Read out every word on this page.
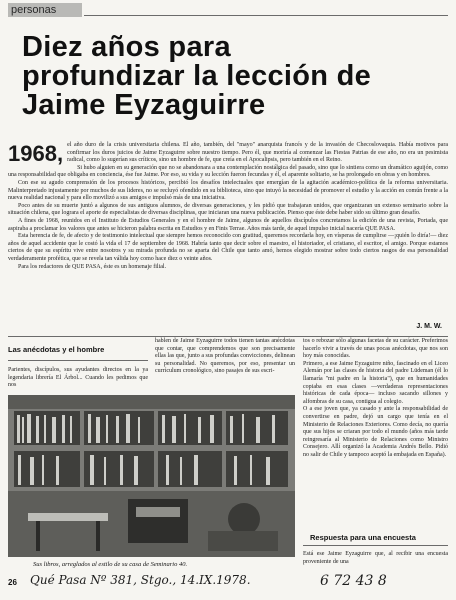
personas
Diez años para
profundizar la lección de
Jaime Eyzaguirre
1968, el año duro de la crisis universitaria chilena. El año, también, del "mayo" anarquista francés y de la invasión de Checoslovaquia. Había motivos para confirmar los duros juicios de Jaime Eyzaguirre sobre nuestro tiempo. Pero él, que moriría al comenzar las Fiestas Patrias de ese año, no era un pesimista radical, como lo sugerían sus críticos, sino un hombre de fe, que creía en el Apocalipsis, pero también en el Reino.

Si hubo alguien en su generación que no se abandonara a una contemplación nostálgica del pasado, sino que lo sintiera como un dramático aguijón, como una responsabilidad que obligaba en conciencia, ése fue Jaime. Por eso, su vida y su lección fueron fecundas y él, el aparente solitario, se ha prolongado en obras y en hombres.

Con ese su agudo comprensión de los procesos históricos, percibió los desafíos intelectuales que emergían de la agitación académico-política de la reforma universitaria. Malinterpretado injustamente por muchos de sus lideres, no se recluyó ofendido en su biblioteca, sino que intuyó la necesidad de promover el estudio y la acción en común frente a la nueva realidad nacional y para ello movilizó a sus amigos e impulsó más de una iniciativa.

Poco antes de su muerte juntó a algunos de sus antiguos alumnos, de diversas generaciones, y les pidió que trabajaran unidos, que organizaran un extenso seminario sobre la situación chilena, que lograra el aporte de especialistas de diversas disciplinas, que iniciaran una nueva publicación. Pienso que éste debe haber sido su último gran desafío.

A fines de 1968, reunidos en el Instituto de Estudios Generales y en el hombre de Jaime, algunos de aquellos discípulos concretamos la edición de una revista, Portada, que aspiraba a proclamar los valores que antes se hicieron palabra escrita en Estudios y en Finis Terrae. Años más tarde, de aquel impulso inicial nacería QUE PASA.

Esta herencia de fe, de afecto y de testimonio intelectual que siempre hemos reconocido con gratitud, queremos recordarla hoy, en vísperas de cumplirse —¡quién lo diría!— diez años de aquel accidente que le costó la vida el 17 de septiembre de 1968. Habría tanto que decir sobre el maestro, el historiador, el cristiano, el escritor, el amigo. Porque estamos ciertos de que su espíritu vive entre nosotros y su mirada profunda no se aparta del Chile que tanto amó, hemos elegido mostrar sobre todo ciertos rasgos de esa personalidad verdaderamente profética, que se revela tan válida hoy como hace diez o veinte años.

Para los redactores de QUE PASA, éste es un homenaje filial.

J. M. W.
Las anécdotas y el hombre
Parientes, discípulos, sus ayudantes directos en la ya legendaria librería El Árbol... Cuando les pedimos que nos
hablen de Jaime Eyzaguirre todos tienen tantas anécdotas que contar, que comprendemos que son precisamente ellas las que, junto a sus profundas convicciones, delinean su personalidad. No queremos, por eso, presentar un currículum cronológico, sino pasajes de sus escri-
tos o rebozar sólo algunas facetas de su carácter. Preferimos hacerlo vivir a través de unas pocas anécdotas, que nos son hoy más conocidas.
Primero, a ese Jaime Eyzaguirre niño, fascinado en el Liceo Alemán por las clases de historia del padre Lüdeman (él lo llamaría "mi padre en la historia"), que en humanidades copiaba en esas clases —verdaderas representaciones históricas de cada época— incluso sacando sillones y alfombras de su casa, contigua al colegio.
O a ese joven que, ya casado y ante la responsabilidad de convertirse en padre, dejó un cargo que tenía en el Ministerio de Relaciones Exteriores. Como decía, no quería que sus hijos se criaran por todo el mundo (años más tarde reingresaría al Ministerio de Relaciones como Ministro Consejero. Allí organizó la Academia Andrés Bello. Pidió no salir de Chile y tampoco aceptó la embajada en España).
Sus libros, arreglados al estilo de su casa de Seminario 40.
Respuesta para una encuesta
Está ese Jaime Eyzaguirre que, al recibir una encuesta proveniente de una
26 Qué Pasa Nº 381, Stgo., 14.IX.1978.	6 72 43 8
